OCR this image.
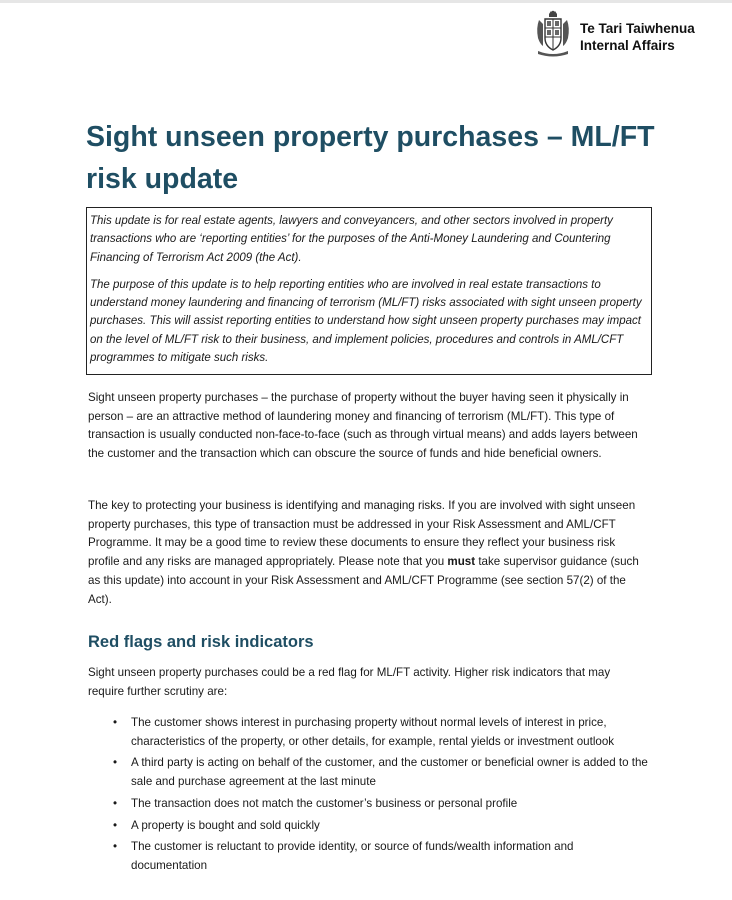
Te Tari Taiwhenua
Internal Affairs
Sight unseen property purchases – ML/FT risk update

This update is for real estate agents, lawyers and conveyancers, and other sectors involved in property transactions who are ‘reporting entities’ for the purposes of the Anti-Money Laundering and Countering Financing of Terrorism Act 2009 (the Act).

The purpose of this update is to help reporting entities who are involved in real estate transactions to understand money laundering and financing of terrorism (ML/FT) risks associated with sight unseen property purchases. This will assist reporting entities to understand how sight unseen property purchases may impact on the level of ML/FT risk to their business, and implement policies, procedures and controls in AML/CFT programmes to mitigate such risks.

Sight unseen property purchases – the purchase of property without the buyer having seen it physically in person – are an attractive method of laundering money and financing of terrorism (ML/FT). This type of transaction is usually conducted non-face-to-face (such as through virtual means) and adds layers between the customer and the transaction which can obscure the source of funds and hide beneficial owners.

The key to protecting your business is identifying and managing risks. If you are involved with sight unseen property purchases, this type of transaction must be addressed in your Risk Assessment and AML/CFT Programme. It may be a good time to review these documents to ensure they reflect your business risk profile and any risks are managed appropriately. Please note that you must take supervisor guidance (such as this update) into account in your Risk Assessment and AML/CFT Programme (see section 57(2) of the Act).

Red flags and risk indicators

Sight unseen property purchases could be a red flag for ML/FT activity. Higher risk indicators that may require further scrutiny are:

• The customer shows interest in purchasing property without normal levels of interest in price, characteristics of the property, or other details, for example, rental yields or investment outlook
• A third party is acting on behalf of the customer, and the customer or beneficial owner is added to the sale and purchase agreement at the last minute
• The transaction does not match the customer’s business or personal profile
• A property is bought and sold quickly
• The customer is reluctant to provide identity, or source of funds/wealth information and documentation
